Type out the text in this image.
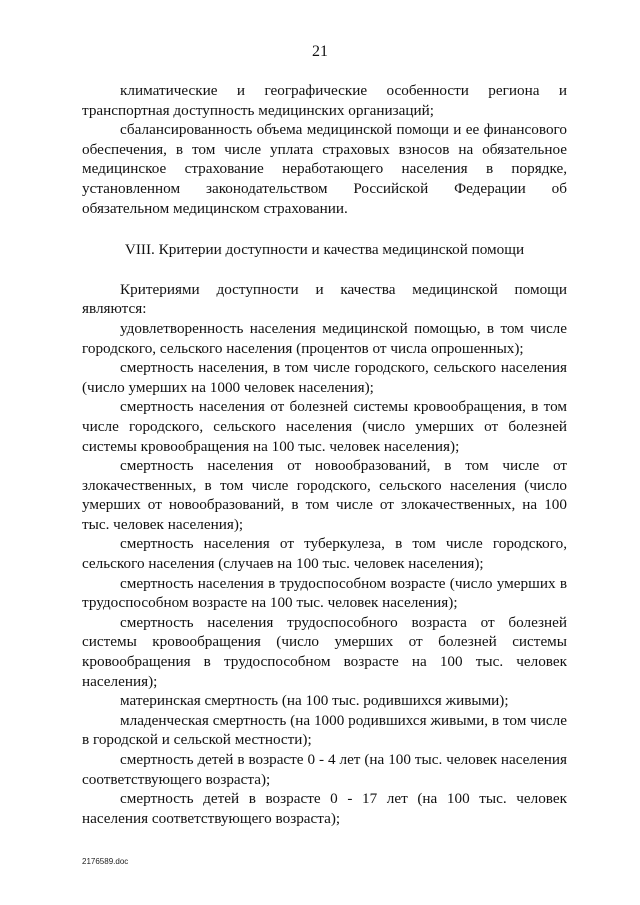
21

климатические и географические особенности региона и транспортная доступность медицинских организаций;

сбалансированность объема медицинской помощи и ее финансового обеспечения, в том числе уплата страховых взносов на обязательное медицинское страхование неработающего населения в порядке, установленном законодательством Российской Федерации об обязательном медицинском страховании.

VIII. Критерии доступности и качества медицинской помощи

Критериями доступности и качества медицинской помощи являются:

удовлетворенность населения медицинской помощью, в том числе городского, сельского населения (процентов от числа опрошенных);

смертность населения, в том числе городского, сельского населения (число умерших на 1000 человек населения);

смертность населения от болезней системы кровообращения, в том числе городского, сельского населения (число умерших от болезней системы кровообращения на 100 тыс. человек населения);

смертность населения от новообразований, в том числе от злокачественных, в том числе городского, сельского населения (число умерших от новообразований, в том числе от злокачественных, на 100 тыс. человек населения);

смертность населения от туберкулеза, в том числе городского, сельского населения (случаев на 100 тыс. человек населения);

смертность населения в трудоспособном возрасте (число умерших в трудоспособном возрасте на 100 тыс. человек населения);

смертность населения трудоспособного возраста от болезней системы кровообращения (число умерших от болезней системы кровообращения в трудоспособном возрасте на 100 тыс. человек населения);

материнская смертность (на 100 тыс. родившихся живыми);

младенческая смертность (на 1000 родившихся живыми, в том числе в городской и сельской местности);

смертность детей в возрасте 0 - 4 лет (на 100 тыс. человек населения соответствующего возраста);

смертность детей в возрасте 0 - 17 лет (на 100 тыс. человек населения соответствующего возраста);

2176589.doc
